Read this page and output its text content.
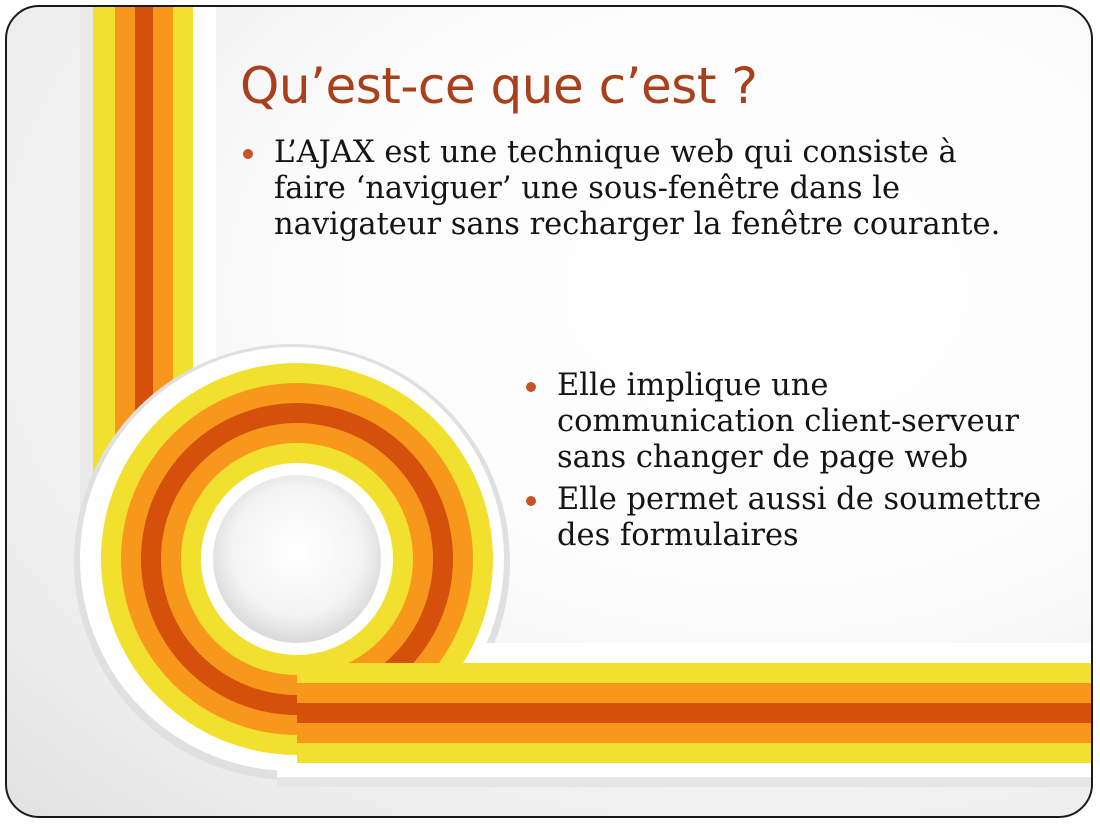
Qu’est-ce que c’est ?
L’AJAX est une technique web qui consiste à faire ‘naviguer’ une sous-fenêtre dans le navigateur sans recharger la fenêtre courante.
Elle implique une communication client-serveur sans changer de page web
Elle permet aussi de soumettre des formulaires
